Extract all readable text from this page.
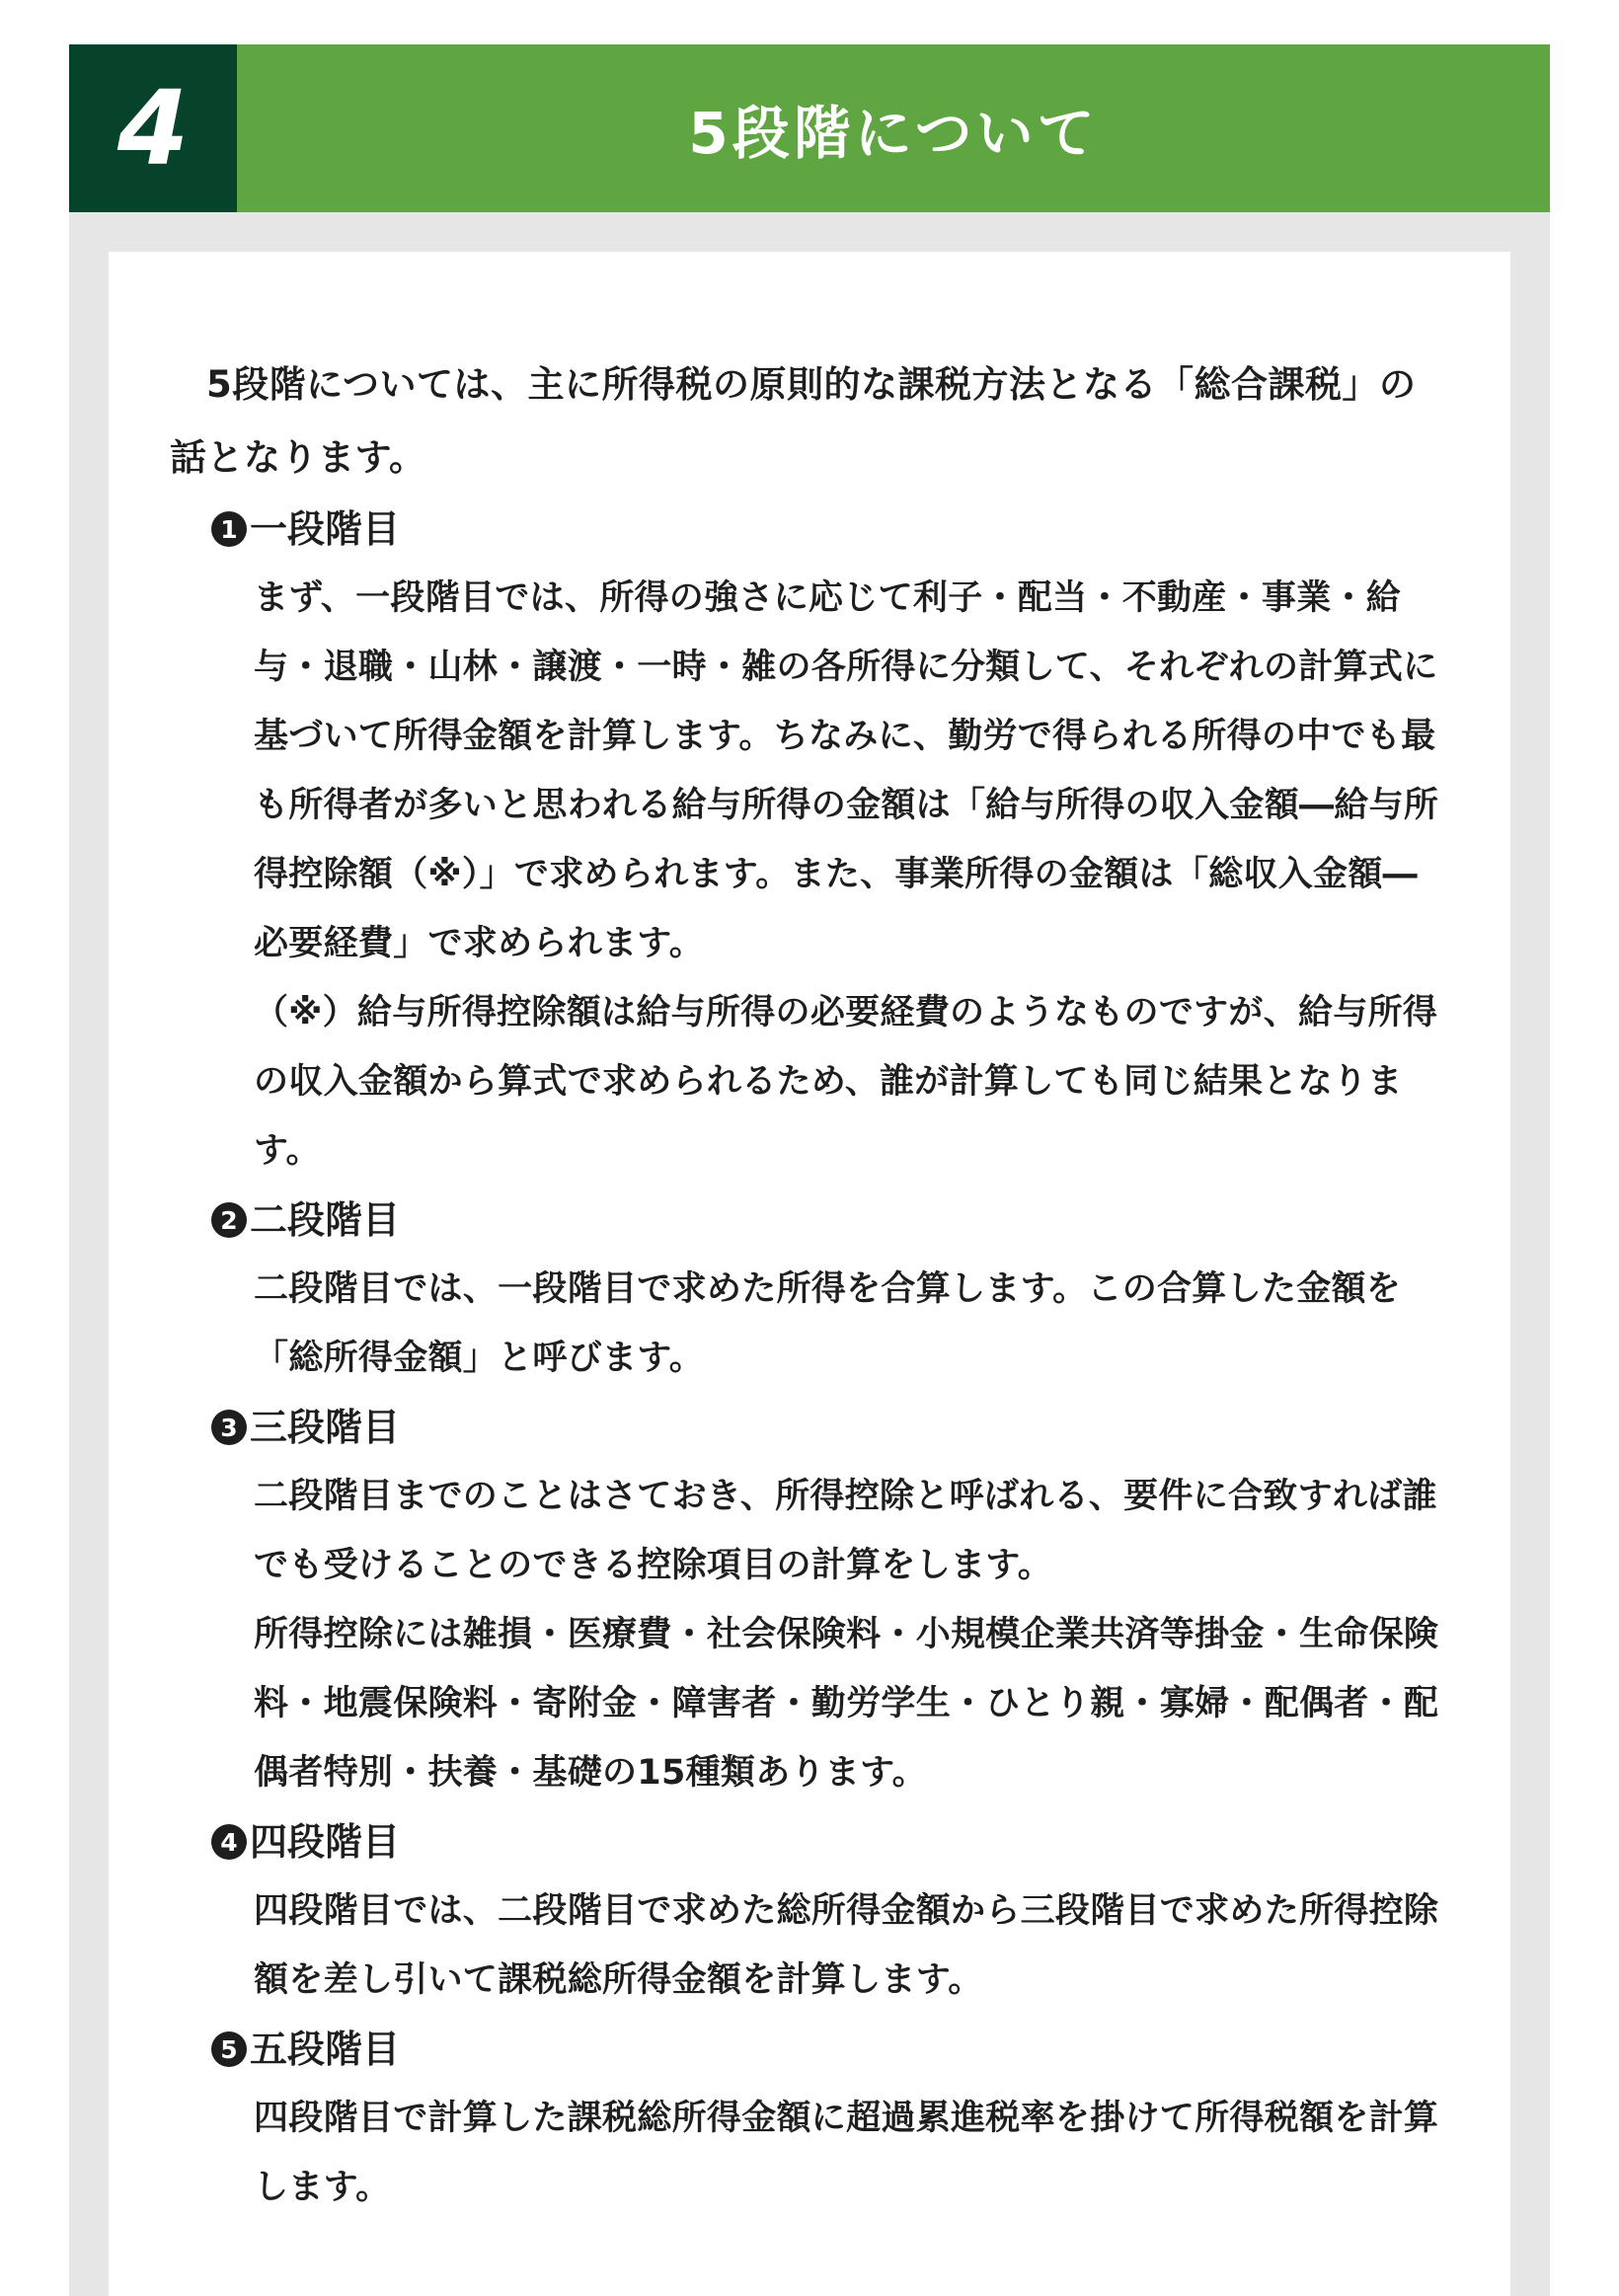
4	5段階について

5段階については、主に所得税の原則的な課税方法となる「総合課税」の話となります。

1 一段階目

まず、一段階目では、所得の強さに応じて利子・配当・不動産・事業・給与・退職・山林・譲渡・一時・雑の各所得に分類して、それぞれの計算式に基づいて所得金額を計算します。ちなみに、勤労で得られる所得の中でも最も所得者が多いと思われる給与所得の金額は「給与所得の収入金額―給与所得控除額（※）」で求められます。また、事業所得の金額は「総収入金額―必要経費」で求められます。

（※）給与所得控除額は給与所得の必要経費のようなものですが、給与所得の収入金額から算式で求められるため、誰が計算しても同じ結果となります。

2 二段階目

二段階目では、一段階目で求めた所得を合算します。この合算した金額を「総所得金額」と呼びます。

3 三段階目

二段階目までのことはさておき、所得控除と呼ばれる、要件に合致すれば誰でも受けることのできる控除項目の計算をします。

所得控除には雑損・医療費・社会保険料・小規模企業共済等掛金・生命保険料・地震保険料・寄附金・障害者・勤労学生・ひとり親・寡婦・配偶者・配偶者特別・扶養・基礎の15種類あります。

4 四段階目

四段階目では、二段階目で求めた総所得金額から三段階目で求めた所得控除額を差し引いて課税総所得金額を計算します。

5 五段階目

四段階目で計算した課税総所得金額に超過累進税率を掛けて所得税額を計算します。
